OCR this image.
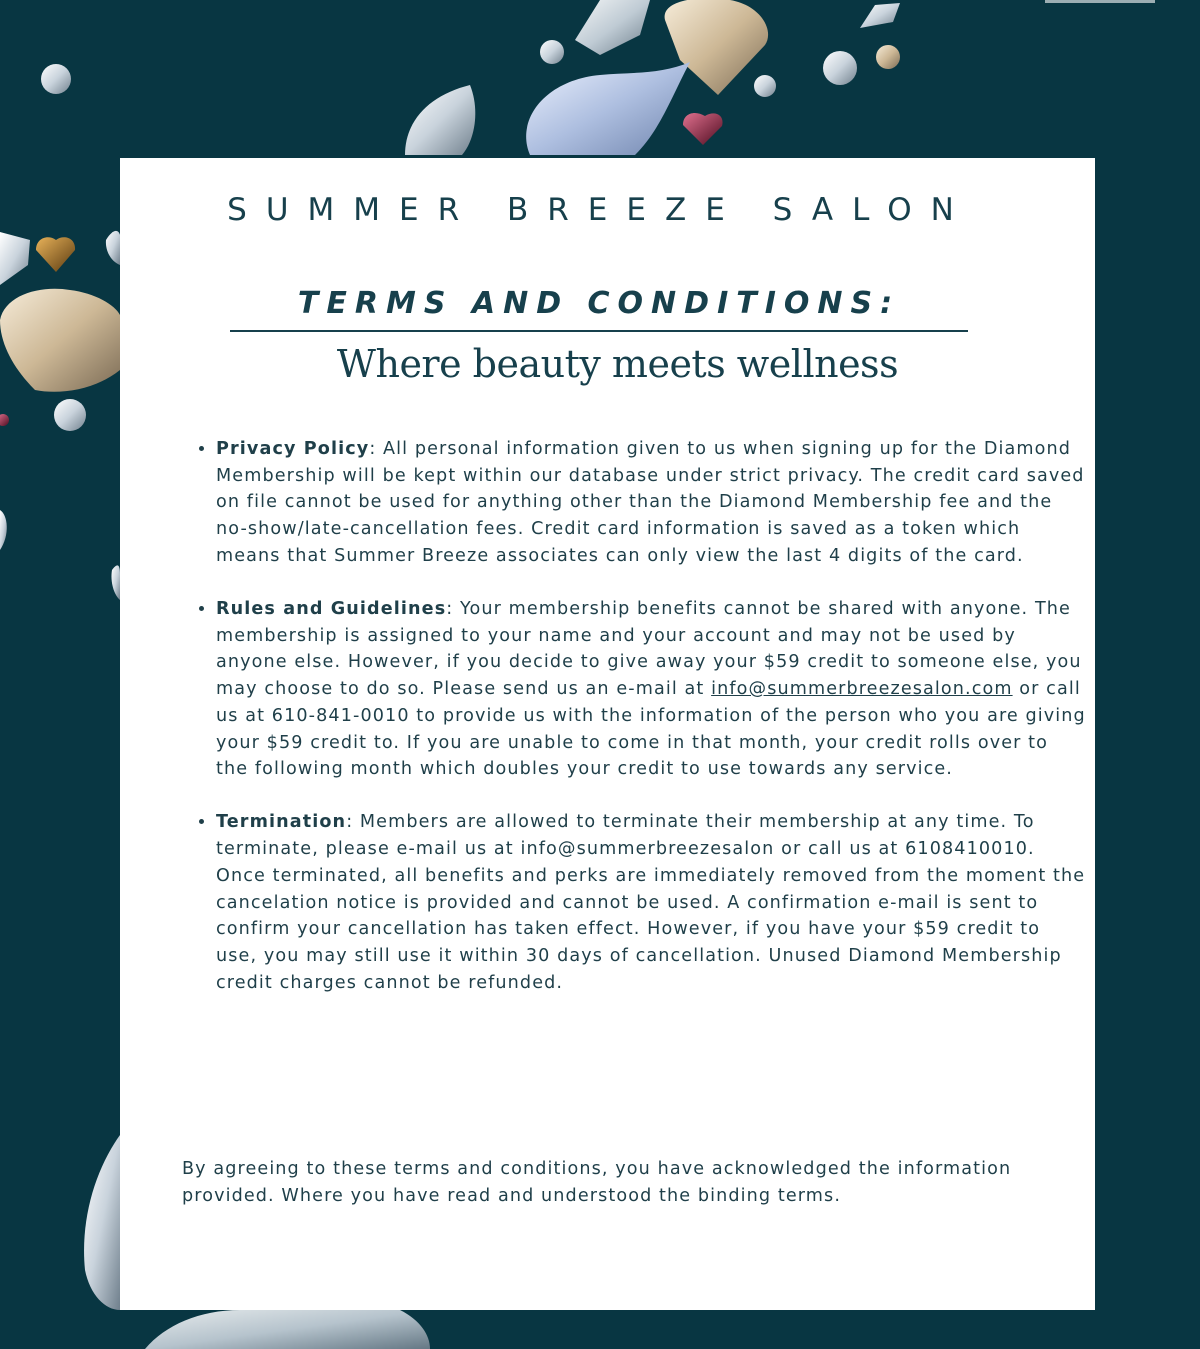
SUMMER BREEZE SALON
TERMS AND CONDITIONS:
Where beauty meets wellness
• Privacy Policy: All personal information given to us when signing up for the Diamond Membership will be kept within our database under strict privacy. The credit card saved on file cannot be used for anything other than the Diamond Membership fee and the no-show/late-cancellation fees. Credit card information is saved as a token which means that Summer Breeze associates can only view the last 4 digits of the card.
• Rules and Guidelines: Your membership benefits cannot be shared with anyone. The membership is assigned to your name and your account and may not be used by anyone else. However, if you decide to give away your $59 credit to someone else, you may choose to do so. Please send us an e-mail at info@summerbreezesalon.com or call us at 610-841-0010 to provide us with the information of the person who you are giving your $59 credit to. If you are unable to come in that month, your credit rolls over to the following month which doubles your credit to use towards any service.
• Termination: Members are allowed to terminate their membership at any time. To terminate, please e-mail us at info@summerbreezesalon or call us at 6108410010. Once terminated, all benefits and perks are immediately removed from the moment the cancelation notice is provided and cannot be used. A confirmation e-mail is sent to confirm your cancellation has taken effect. However, if you have your $59 credit to use, you may still use it within 30 days of cancellation. Unused Diamond Membership credit charges cannot be refunded.

By agreeing to these terms and conditions, you have acknowledged the information provided. Where you have read and understood the binding terms.
